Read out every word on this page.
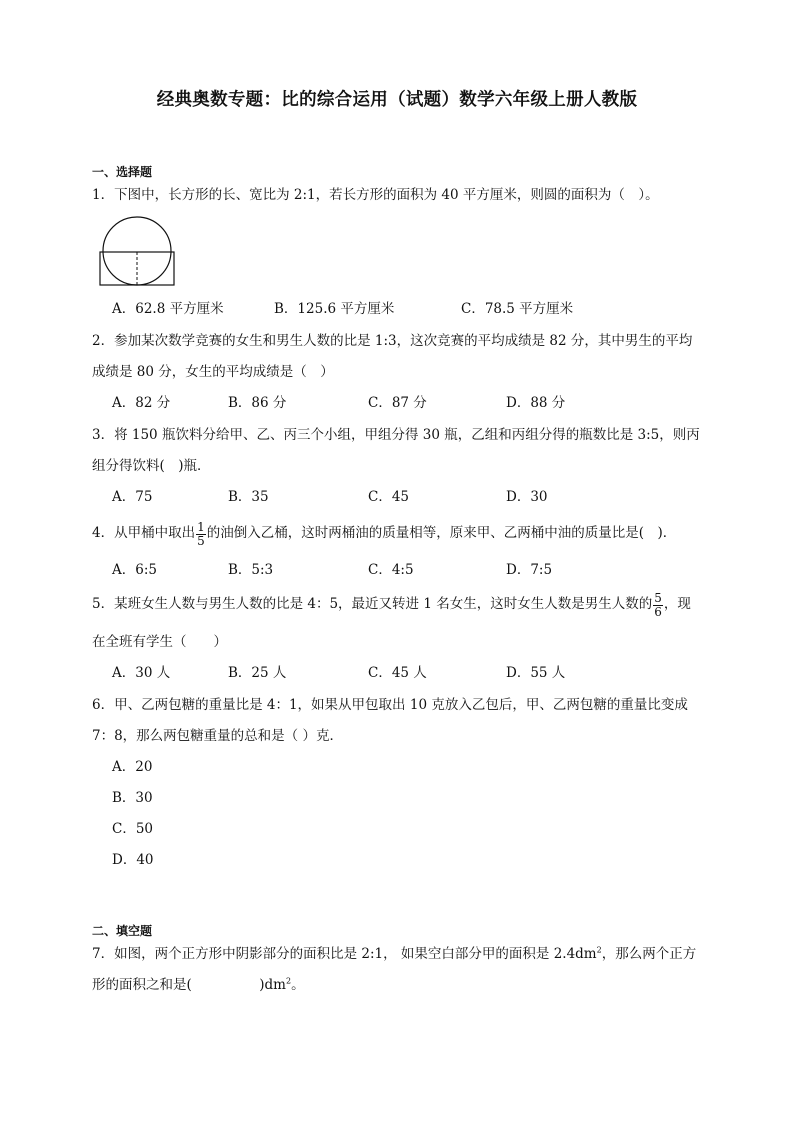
经典奥数专题：比的综合运用（试题）数学六年级上册人教版
一、选择题
1．下图中，长方形的长、宽比为 2:1，若长方形的面积为 40 平方厘米，则圆的面积为（　）。
A．62.8 平方厘米	B．125.6 平方厘米	C．78.5 平方厘米
2．参加某次数学竞赛的女生和男生人数的比是 1:3，这次竞赛的平均成绩是 82 分，其中男生的平均
成绩是 80 分，女生的平均成绩是（　）
A．82 分	B．86 分	C．87 分	D．88 分
3．将 150 瓶饮料分给甲、乙、丙三个小组，甲组分得 30 瓶，乙组和丙组分得的瓶数比是 3:5，则丙
组分得饮料(　)瓶．
A．75	B．35	C．45	D．30
4．从甲桶中取出 $\frac{1}{5}$ 的油倒入乙桶，这时两桶油的质量相等，原来甲、乙两桶中油的质量比是(　)．
A．6:5	B．5:3	C．4:5	D．7:5
5．某班女生人数与男生人数的比是 4：5，最近又转进 1 名女生，这时女生人数是男生人数的 $\frac{5}{6}$ ，现
在全班有学生（　　）
A．30 人	B．25 人	C．45 人	D．55 人
6．甲、乙两包糖的重量比是 4：1，如果从甲包取出 10 克放入乙包后，甲、乙两包糖的重量比变成
7：8，那么两包糖重量的总和是（ ）克．
A．20
B．30
C．50
D．40
二、填空题
7．如图，两个正方形中阴影部分的面积比是 2:1， 如果空白部分甲的面积是 $2.4dm^2$，那么两个正方
形的面积之和是(　　　　　)$dm^2$。
